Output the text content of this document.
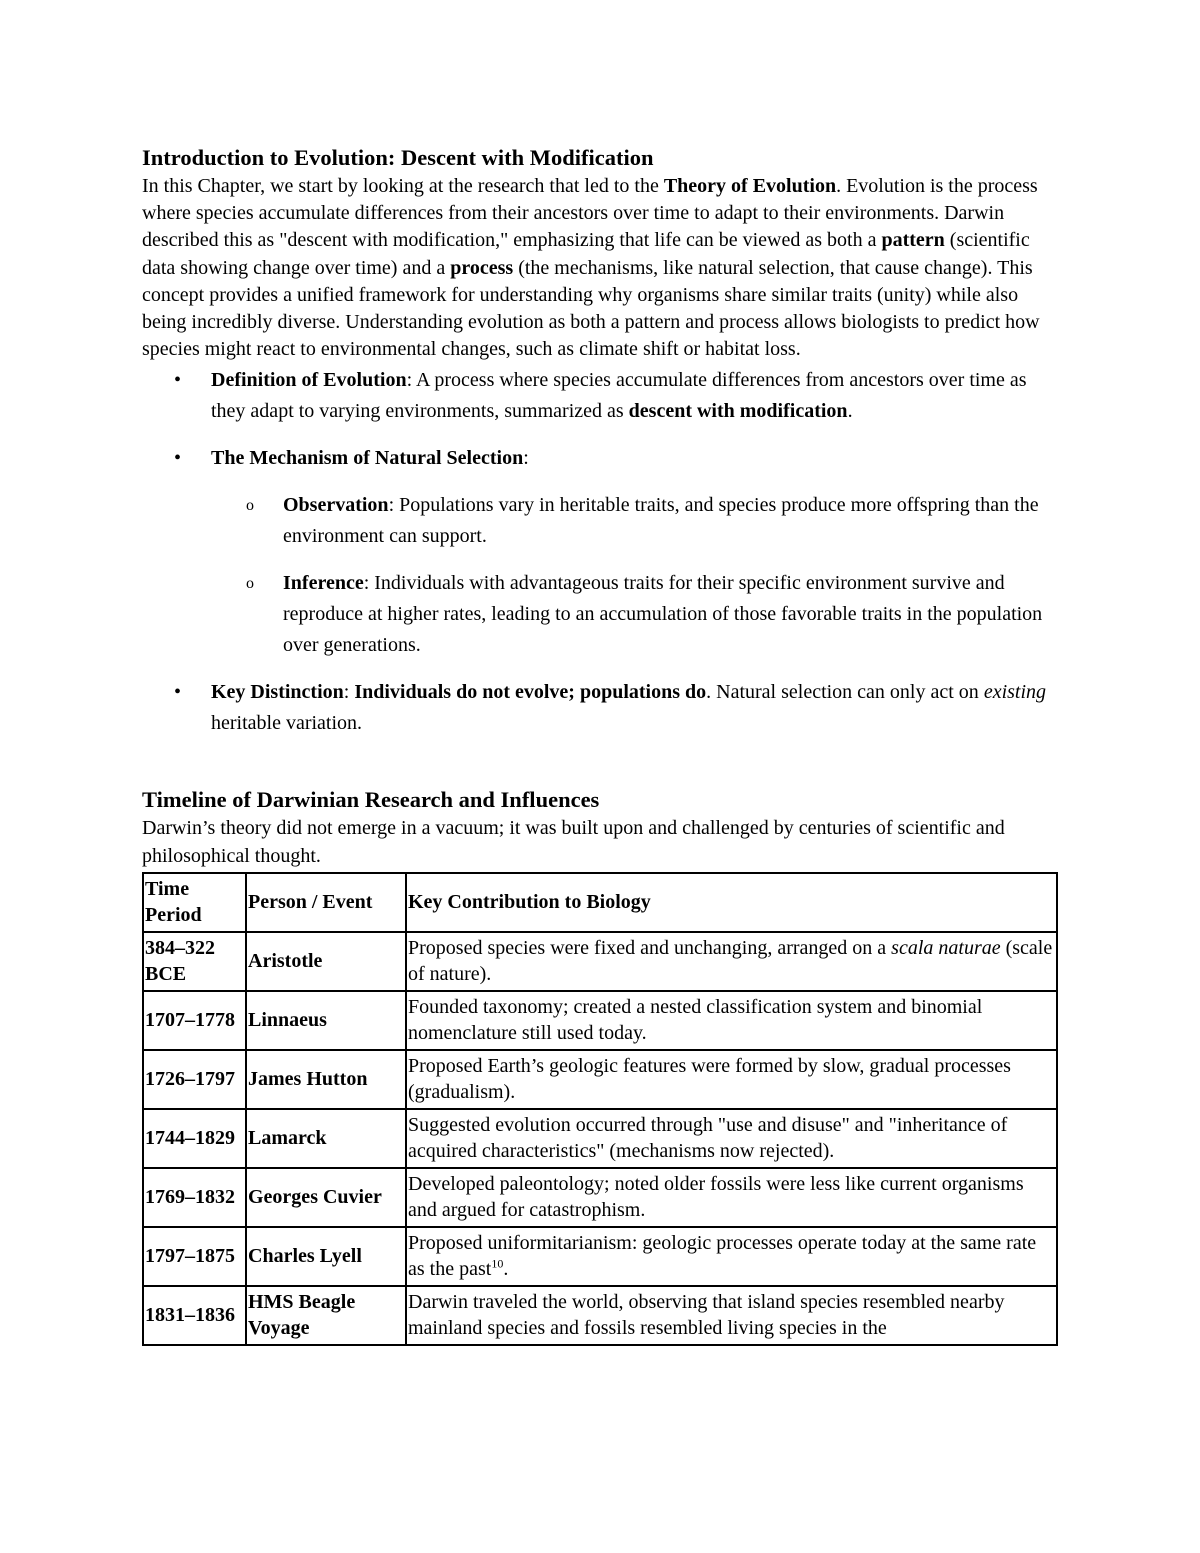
Introduction to Evolution: Descent with Modification

In this Chapter, we start by looking at the research that led to the Theory of Evolution. Evolution is the process where species accumulate differences from their ancestors over time to adapt to their environments. Darwin described this as "descent with modification," emphasizing that life can be viewed as both a pattern (scientific data showing change over time) and a process (the mechanisms, like natural selection, that cause change). This concept provides a unified framework for understanding why organisms share similar traits (unity) while also being incredibly diverse. Understanding evolution as both a pattern and process allows biologists to predict how species might react to environmental changes, such as climate shift or habitat loss.

• Definition of Evolution: A process where species accumulate differences from ancestors over time as they adapt to varying environments, summarized as descent with modification.
• The Mechanism of Natural Selection:
o Observation: Populations vary in heritable traits, and species produce more offspring than the environment can support.
o Inference: Individuals with advantageous traits for their specific environment survive and reproduce at higher rates, leading to an accumulation of those favorable traits in the population over generations.
• Key Distinction: Individuals do not evolve; populations do. Natural selection can only act on existing heritable variation.
Timeline of Darwinian Research and Influences

Darwin’s theory did not emerge in a vacuum; it was built upon and challenged by centuries of scientific and philosophical thought.

Time Period	Person / Event	Key Contribution to Biology
384–322 BCE	Aristotle	Proposed species were fixed and unchanging, arranged on a scala naturae (scale of nature).
1707–1778	Linnaeus	Founded taxonomy; created a nested classification system and binomial nomenclature still used today.
1726–1797	James Hutton	Proposed Earth’s geologic features were formed by slow, gradual processes (gradualism).
1744–1829	Lamarck	Suggested evolution occurred through "use and disuse" and "inheritance of acquired characteristics" (mechanisms now rejected).
1769–1832	Georges Cuvier	Developed paleontology; noted older fossils were less like current organisms and argued for catastrophism.
1797–1875	Charles Lyell	Proposed uniformitarianism: geologic processes operate today at the same rate as the past$^{10}$.
1831–1836	HMS Beagle Voyage	Darwin traveled the world, observing that island species resembled nearby mainland species and fossils resembled living species in the
